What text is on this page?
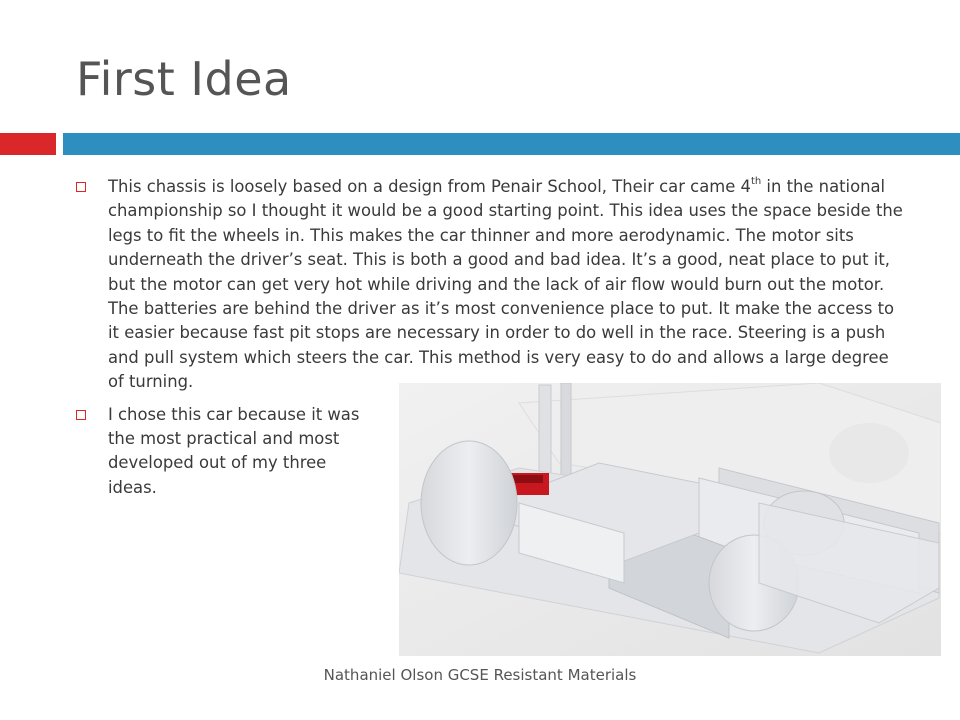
First Idea
This chassis is loosely based on a design from Penair School, Their car came 4th in the national championship so I thought it would be a good starting point. This idea uses the space beside the legs to fit the wheels in. This makes the car thinner and more aerodynamic. The motor sits underneath the driver’s seat. This is both a good and bad idea. It’s a good, neat place to put it, but the motor can get very hot while driving and the lack of air flow would burn out the motor. The batteries are behind the driver as it’s most convenience place to put. It make the access to it easier because fast pit stops are necessary in order to do well in the race. Steering is a push and pull system which steers the car. This method is very easy to do and allows a large degree of turning.
I chose this car because it was the most practical and most developed out of my three ideas.
Nathaniel Olson GCSE Resistant Materials
